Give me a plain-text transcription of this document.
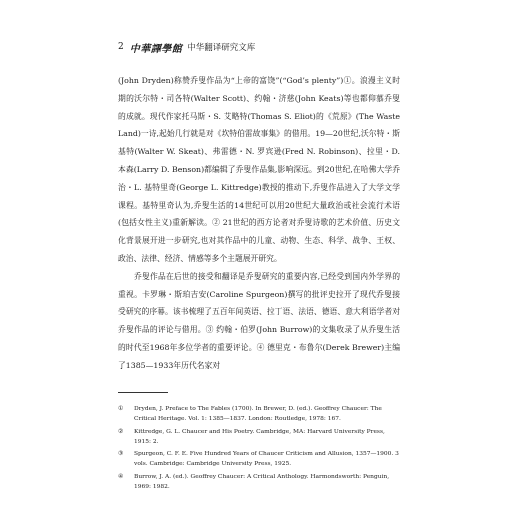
2 中華譯學館 中华翻译研究文库

(John Dryden)称赞乔叟作品为“上帝的富饶”(“God’s plenty”)①。浪漫主义时期的沃尔特・司各特(Walter Scott)、约翰・济慈(John Keats)等也都仰慕乔叟的成就。现代作家托马斯・S. 艾略特(Thomas S. Eliot)的《荒原》(The Waste Land)一诗,起始几行就是对《坎特伯雷故事集》的借用。19—20世纪,沃尔特・斯基特(Walter W. Skeat)、弗雷德・N. 罗宾逊(Fred N. Robinson)、拉里・D. 本森(Larry D. Benson)都编辑了乔叟作品集,影响深远。到20世纪,在哈佛大学乔治・L. 基特里奇(George L. Kittredge)教授的推动下,乔叟作品进入了大学文学课程。基特里奇认为,乔叟生活的14世纪可以用20世纪大量政治或社会流行术语(包括女性主义)重新解读。② 21世纪的西方论者对乔叟诗歌的艺术价值、历史文化背景展开进一步研究,也对其作品中的儿童、动物、生态、科学、战争、王权、政治、法律、经济、情感等多个主题展开研究。

乔叟作品在后世的接受和翻译是乔叟研究的重要内容,已经受到国内外学界的重视。卡罗琳・斯珀吉安(Caroline Spurgeon)撰写的批评史拉开了现代乔叟接受研究的序幕。该书梳理了五百年间英语、拉丁语、法语、德语、意大利语学者对乔叟作品的评论与借用。③ 约翰・伯罗(John Burrow)的文集收录了从乔叟生活的时代至1968年多位学者的重要评论。④ 德里克・布鲁尔(Derek Brewer)主编了1385—1933年历代名家对

①	Dryden, J. Preface to The Fables (1700). In Brewer, D. (ed.). Geoffrey Chaucer: The Critical Heritage. Vol. 1: 1385—1837. London: Routledge, 1978: 167.
②	Kittredge, G. L. Chaucer and His Poetry. Cambridge, MA: Harvard University Press, 1915: 2.
③	Spurgeon, C. F. E. Five Hundred Years of Chaucer Criticism and Allusion, 1357—1900. 3 vols. Cambridge: Cambridge University Press, 1925.
④	Burrow, J. A. (ed.). Geoffrey Chaucer: A Critical Anthology. Harmondsworth: Penguin, 1969: 1982.
